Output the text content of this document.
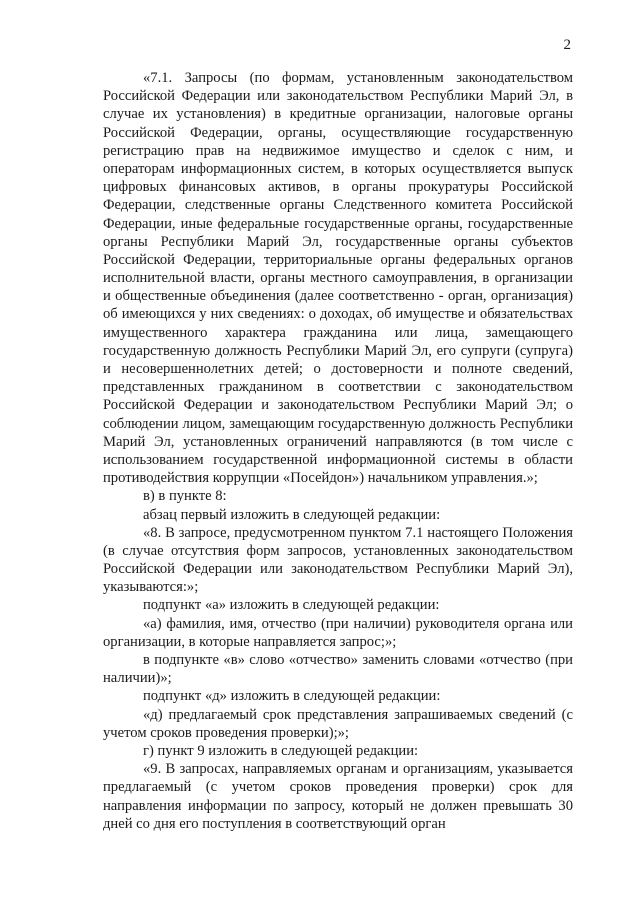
2

«7.1. Запросы (по формам, установленным законодательством Российской Федерации или законодательством Республики Марий Эл, в случае их установления) в кредитные организации, налоговые органы Российской Федерации, органы, осуществляющие государственную регистрацию прав на недвижимое имущество и сделок с ним, и операторам информационных систем, в которых осуществляется выпуск цифровых финансовых активов, в органы прокуратуры Российской Федерации, следственные органы Следственного комитета Российской Федерации, иные федеральные государственные органы, государственные органы Республики Марий Эл, государственные органы субъектов Российской Федерации, территориальные органы федеральных органов исполнительной власти, органы местного самоуправления, в организации и общественные объединения (далее соответственно - орган, организация) об имеющихся у них сведениях: о доходах, об имуществе и обязательствах имущественного характера гражданина или лица, замещающего государственную должность Республики Марий Эл, его супруги (супруга) и несовершеннолетних детей; о достоверности и полноте сведений, представленных гражданином в соответствии с законодательством Российской Федерации и законодательством Республики Марий Эл; о соблюдении лицом, замещающим государственную должность Республики Марий Эл, установленных ограничений направляются (в том числе с использованием государственной информационной системы в области противодействия коррупции «Посейдон») начальником управления.»;

в) в пункте 8:

абзац первый изложить в следующей редакции:

«8. В запросе, предусмотренном пунктом 7.1 настоящего Положения (в случае отсутствия форм запросов, установленных законодательством Российской Федерации или законодательством Республики Марий Эл), указываются:»;

подпункт «а» изложить в следующей редакции:

«а) фамилия, имя, отчество (при наличии) руководителя органа или организации, в которые направляется запрос;»;

в подпункте «в» слово «отчество» заменить словами «отчество (при наличии)»;

подпункт «д» изложить в следующей редакции:

«д) предлагаемый срок представления запрашиваемых сведений (с учетом сроков проведения проверки);»;

г) пункт 9 изложить в следующей редакции:

«9. В запросах, направляемых органам и организациям, указывается предлагаемый (с учетом сроков проведения проверки) срок для направления информации по запросу, который не должен превышать 30 дней со дня его поступления в соответствующий орган
